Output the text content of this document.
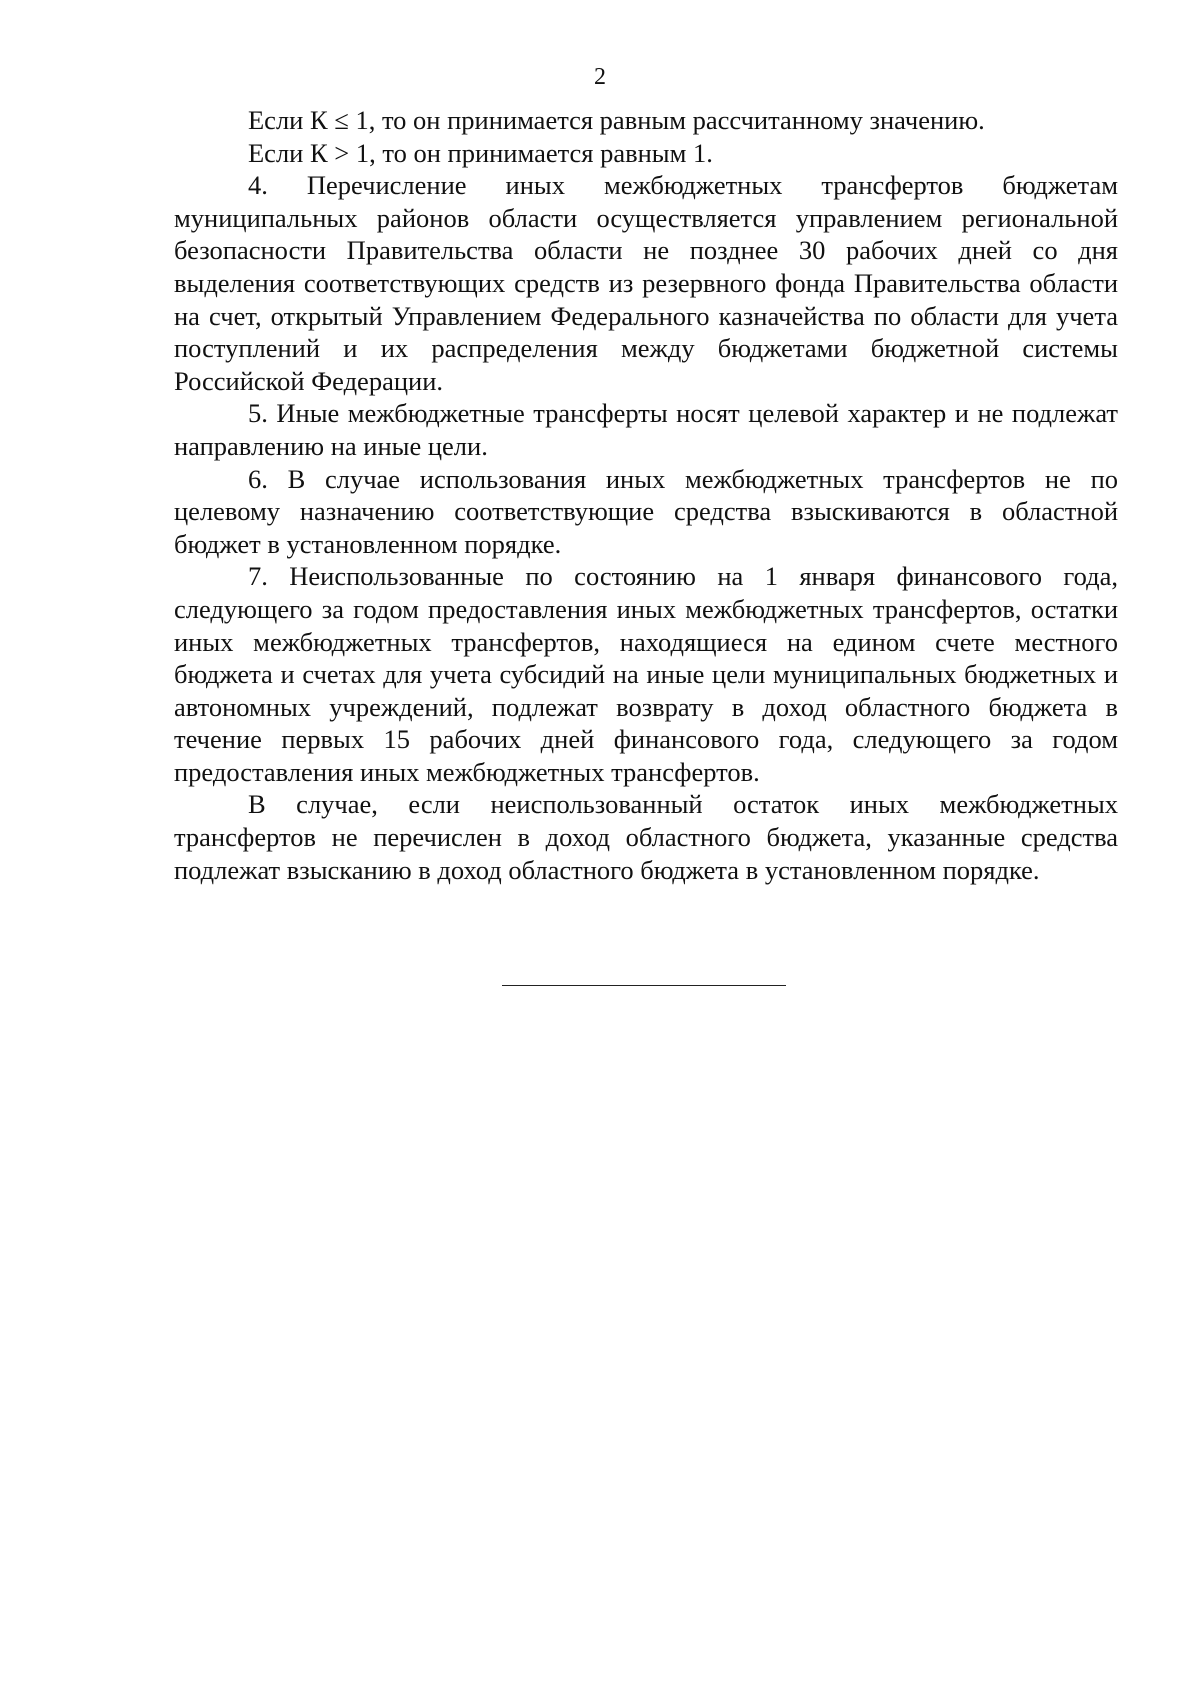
2

Если К ≤ 1, то он принимается равным рассчитанному значению.

Если К > 1, то он принимается равным 1.

4. Перечисление иных межбюджетных трансфертов бюджетам муниципальных районов области осуществляется управлением региональной безопасности Правительства области не позднее 30 рабочих дней со дня выделения соответствующих средств из резервного фонда Правительства области на счет, открытый Управлением Федерального казначейства по области для учета поступлений и их распределения между бюджетами бюджетной системы Российской Федерации.

5. Иные межбюджетные трансферты носят целевой характер и не подлежат направлению на иные цели.

6. В случае использования иных межбюджетных трансфертов не по целевому назначению соответствующие средства взыскиваются в областной бюджет в установленном порядке.

7. Неиспользованные по состоянию на 1 января финансового года, следующего за годом предоставления иных межбюджетных трансфертов, остатки иных межбюджетных трансфертов, находящиеся на едином счете местного бюджета и счетах для учета субсидий на иные цели муниципальных бюджетных и автономных учреждений, подлежат возврату в доход областного бюджета в течение первых 15 рабочих дней финансового года, следующего за годом предоставления иных межбюджетных трансфертов.

В случае, если неиспользованный остаток иных межбюджетных трансфертов не перечислен в доход областного бюджета, указанные средства подлежат взысканию в доход областного бюджета в установленном порядке.
